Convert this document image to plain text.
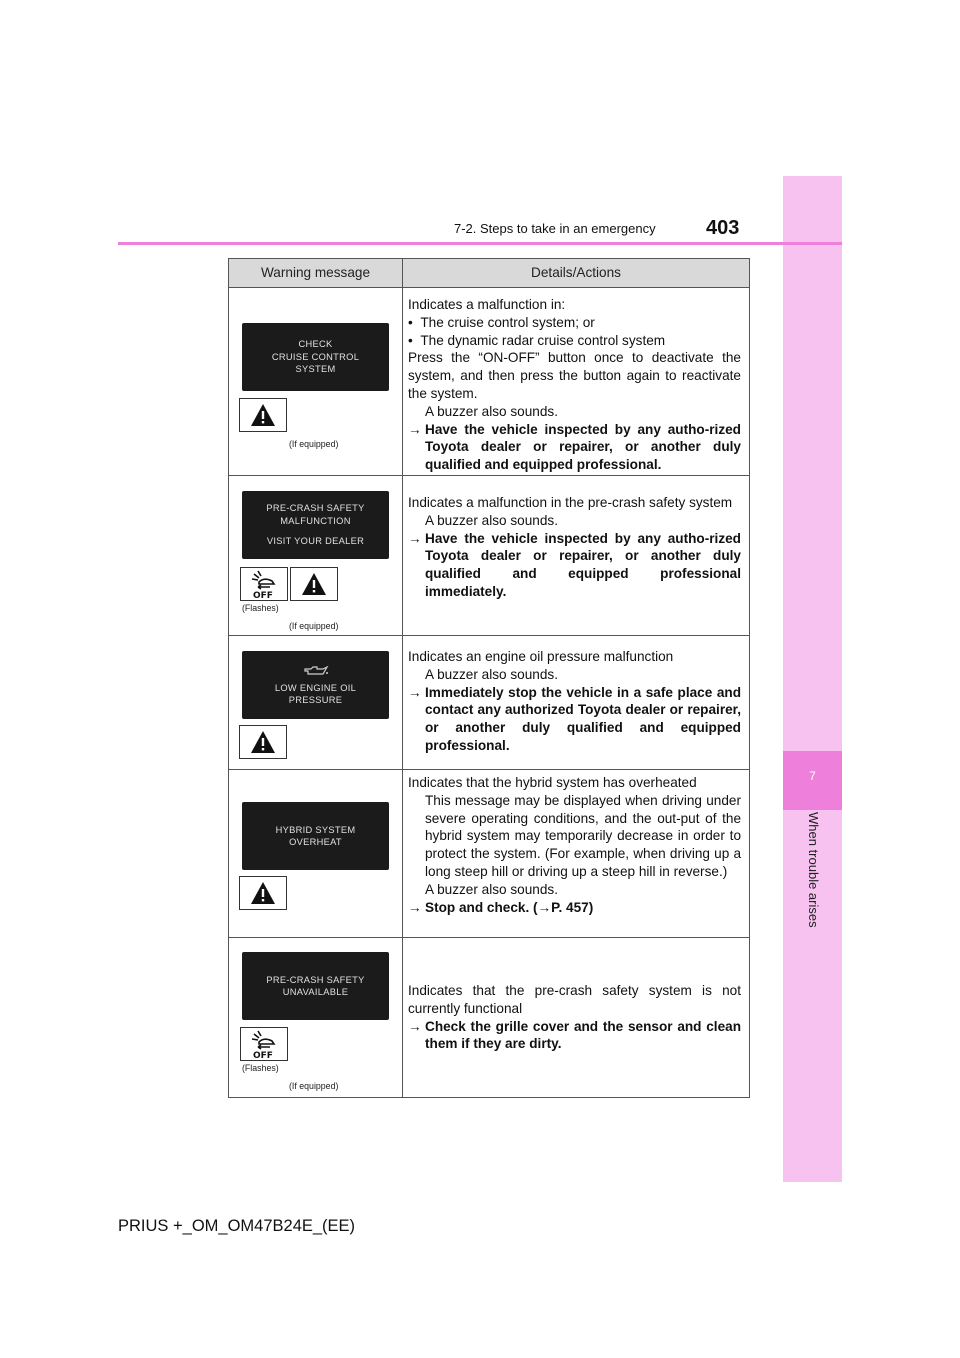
7
When trouble arises
7-2. Steps to take in an emergency	403
Warning message	Details/Actions
CHECK
CRUISE CONTROL
SYSTEM
(If equipped)
Indicates a malfunction in:
•  The cruise control system; or
•  The dynamic radar cruise control system
Press the “ON-OFF” button once to deactivate the system, and then press the button again to reactivate the system.
A buzzer also sounds.
→ Have the vehicle inspected by any autho-rized Toyota dealer or repairer, or another duly qualified and equipped professional.
PRE-CRASH SAFETY
MALFUNCTION
VISIT YOUR DEALER
OFF
(Flashes)
(If equipped)
Indicates a malfunction in the pre-crash safety system
A buzzer also sounds.
→ Have the vehicle inspected by any autho-rized Toyota dealer or repairer, or another duly qualified and equipped professional immediately.
LOW ENGINE OIL
PRESSURE
Indicates an engine oil pressure malfunction
A buzzer also sounds.
→ Immediately stop the vehicle in a safe place and contact any authorized Toyota dealer or repairer, or another duly qualified and equipped professional.
HYBRID SYSTEM
OVERHEAT
Indicates that the hybrid system has overheated
This message may be displayed when driving under severe operating conditions, and the out-put of the hybrid system may temporarily decrease in order to protect the system. (For example, when driving up a long steep hill or driving up a steep hill in reverse.)
A buzzer also sounds.
→ Stop and check. (→P. 457)
PRE-CRASH SAFETY
UNAVAILABLE
OFF
(Flashes)
(If equipped)
Indicates that the pre-crash safety system is not currently functional
→ Check the grille cover and the sensor and clean them if they are dirty.
PRIUS +_OM_OM47B24E_(EE)
